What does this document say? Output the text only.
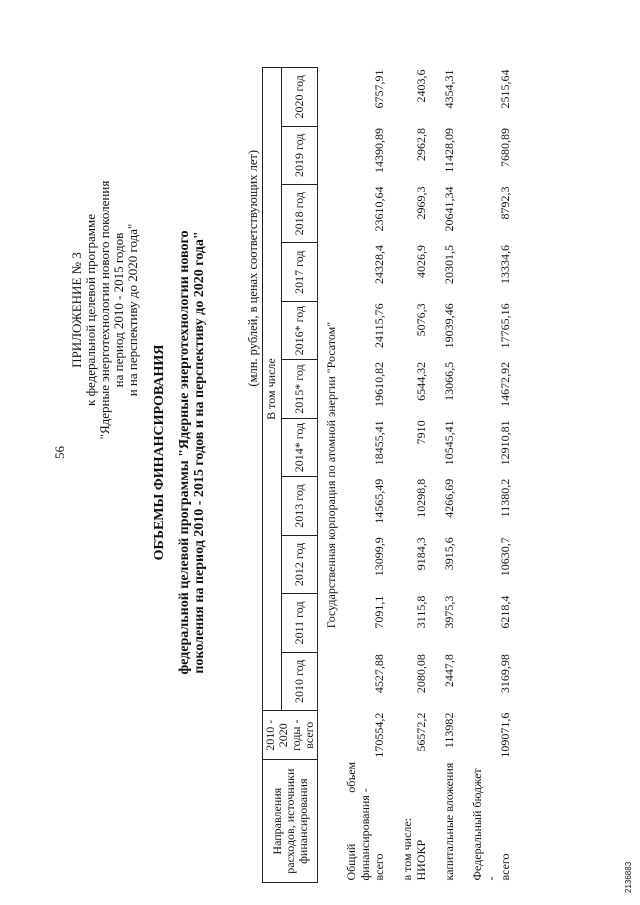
56
ПРИЛОЖЕНИЕ № 3 к федеральной целевой программе "Ядерные энерготехнологии нового поколения на период 2010 - 2015 годов и на перспективу до 2020 года"
ОБЪЕМЫ ФИНАНСИРОВАНИЯ федеральной целевой программы "Ядерные энерготехнологии нового поколения на период 2010 - 2015 годов и на перспективу до 2020 года"	(млн. рублей, в ценах соответствующих лет)
Направления расходов, источники финансирования	2010 - 2020 годы - всего	В том числе										
		2010 год	2011 год	2012 год	2013 год	2014* год	2015* год	2016* год	2017 год	2018 год	2019 год	2020 год
Государственная корпорация по атомной энергии "Росатом"												

Общий
объем
финансирования - всего	170554,2	4527,88	7091,1	13099,9	14565,49	18455,41	19610,82	24115,76	24328,4	23610,64	14390,89	6757,91

в том числе: НИОКР	56572,2	2080,08	3115,8	9184,3	10298,8	7910	6544,32	5076,3	4026,9	2969,3	2962,8	2403,6

капитальные вложения	113982	2447,8	3975,3	3915,6	4266,69	10545,41	13066,5	19039,46	20301,5	20641,34	11428,09	4354,31

Федеральный бюджет - всего	109071,6	3169,98	6218,4	10630,7	11380,2	12910,81	14672,92	17765,16	13334,6	8792,3	7680,89	2515,64
2136883
